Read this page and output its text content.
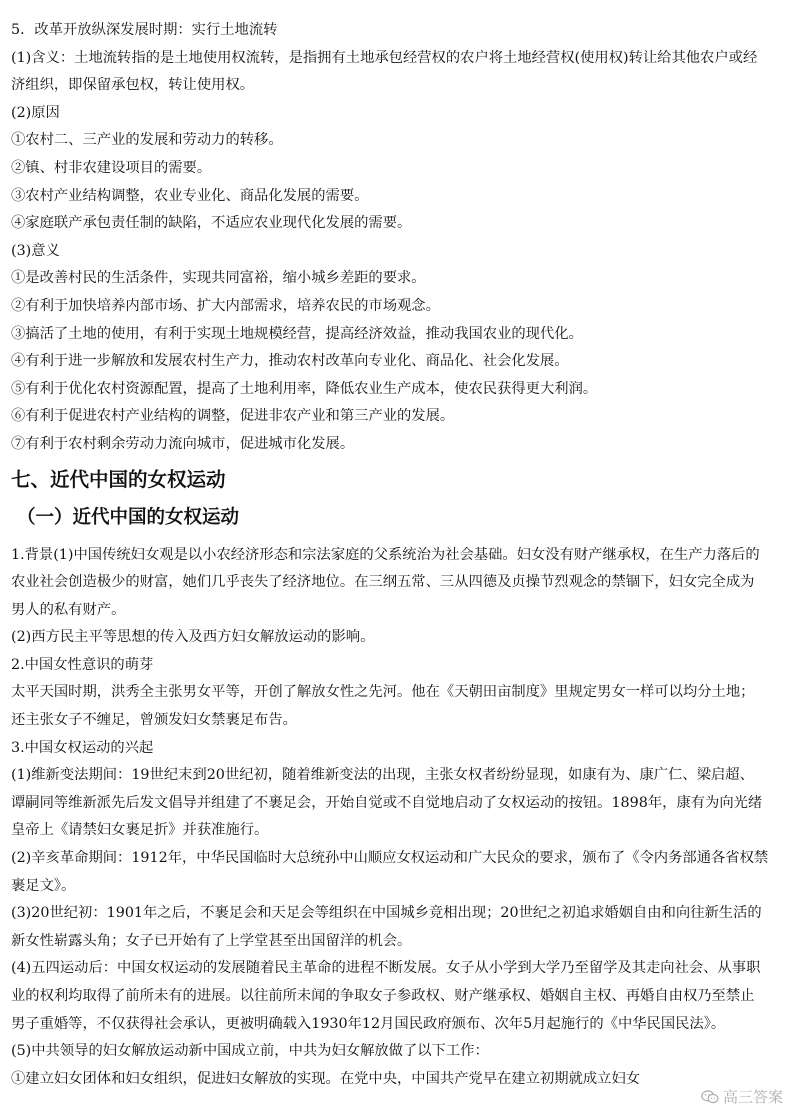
5．改革开放纵深发展时期：实行土地流转
(1)含义：土地流转指的是土地使用权流转，是指拥有土地承包经营权的农户将土地经营权(使用权)转让给其他农户或经
济组织，即保留承包权，转让使用权。
(2)原因
①农村二、三产业的发展和劳动力的转移。
②镇、村非农建设项目的需要。
③农村产业结构调整，农业专业化、商品化发展的需要。
④家庭联产承包责任制的缺陷，不适应农业现代化发展的需要。
(3)意义
①是改善村民的生活条件，实现共同富裕，缩小城乡差距的要求。
②有利于加快培养内部市场、扩大内部需求，培养农民的市场观念。
③搞活了土地的使用，有利于实现土地规模经营，提高经济效益，推动我国农业的现代化。
④有利于进一步解放和发展农村生产力，推动农村改革向专业化、商品化、社会化发展。
⑤有利于优化农村资源配置，提高了土地利用率，降低农业生产成本，使农民获得更大利润。
⑥有利于促进农村产业结构的调整，促进非农产业和第三产业的发展。
⑦有利于农村剩余劳动力流向城市，促进城市化发展。
七、近代中国的女权运动
（一）近代中国的女权运动
1.背景(1)中国传统妇女观是以小农经济形态和宗法家庭的父系统治为社会基础。妇女没有财产继承权，在生产力落后的
农业社会创造极少的财富，她们几乎丧失了经济地位。在三纲五常、三从四德及贞操节烈观念的禁锢下，妇女完全成为
男人的私有财产。
(2)西方民主平等思想的传入及西方妇女解放运动的影响。
2.中国女性意识的萌芽
太平天国时期，洪秀全主张男女平等，开创了解放女性之先河。他在《天朝田亩制度》里规定男女一样可以均分土地；
还主张女子不缠足，曾颁发妇女禁裹足布告。
3.中国女权运动的兴起
(1)维新变法期间：19世纪末到20世纪初，随着维新变法的出现，主张女权者纷纷显现，如康有为、康广仁、梁启超、
谭嗣同等维新派先后发文倡导并组建了不裹足会，开始自觉或不自觉地启动了女权运动的按钮。1898年，康有为向光绪
皇帝上《请禁妇女裹足折》并获准施行。
(2)辛亥革命期间：1912年，中华民国临时大总统孙中山顺应女权运动和广大民众的要求，颁布了《令内务部通各省权禁
裹足文》。
(3)20世纪初：1901年之后，不裹足会和天足会等组织在中国城乡竞相出现；20世纪之初追求婚姻自由和向往新生活的
新女性崭露头角；女子已开始有了上学堂甚至出国留洋的机会。
(4)五四运动后：中国女权运动的发展随着民主革命的进程不断发展。女子从小学到大学乃至留学及其走向社会、从事职
业的权利均取得了前所未有的进展。以往前所未闻的争取女子参政权、财产继承权、婚姻自主权、再婚自由权乃至禁止
男子重婚等，不仅获得社会承认，更被明确载入1930年12月国民政府颁布、次年5月起施行的《中华民国民法》。
(5)中共领导的妇女解放运动新中国成立前，中共为妇女解放做了以下工作：
①建立妇女团体和妇女组织，促进妇女解放的实现。在党中央，中国共产党早在建立初期就成立妇女
高三答案
